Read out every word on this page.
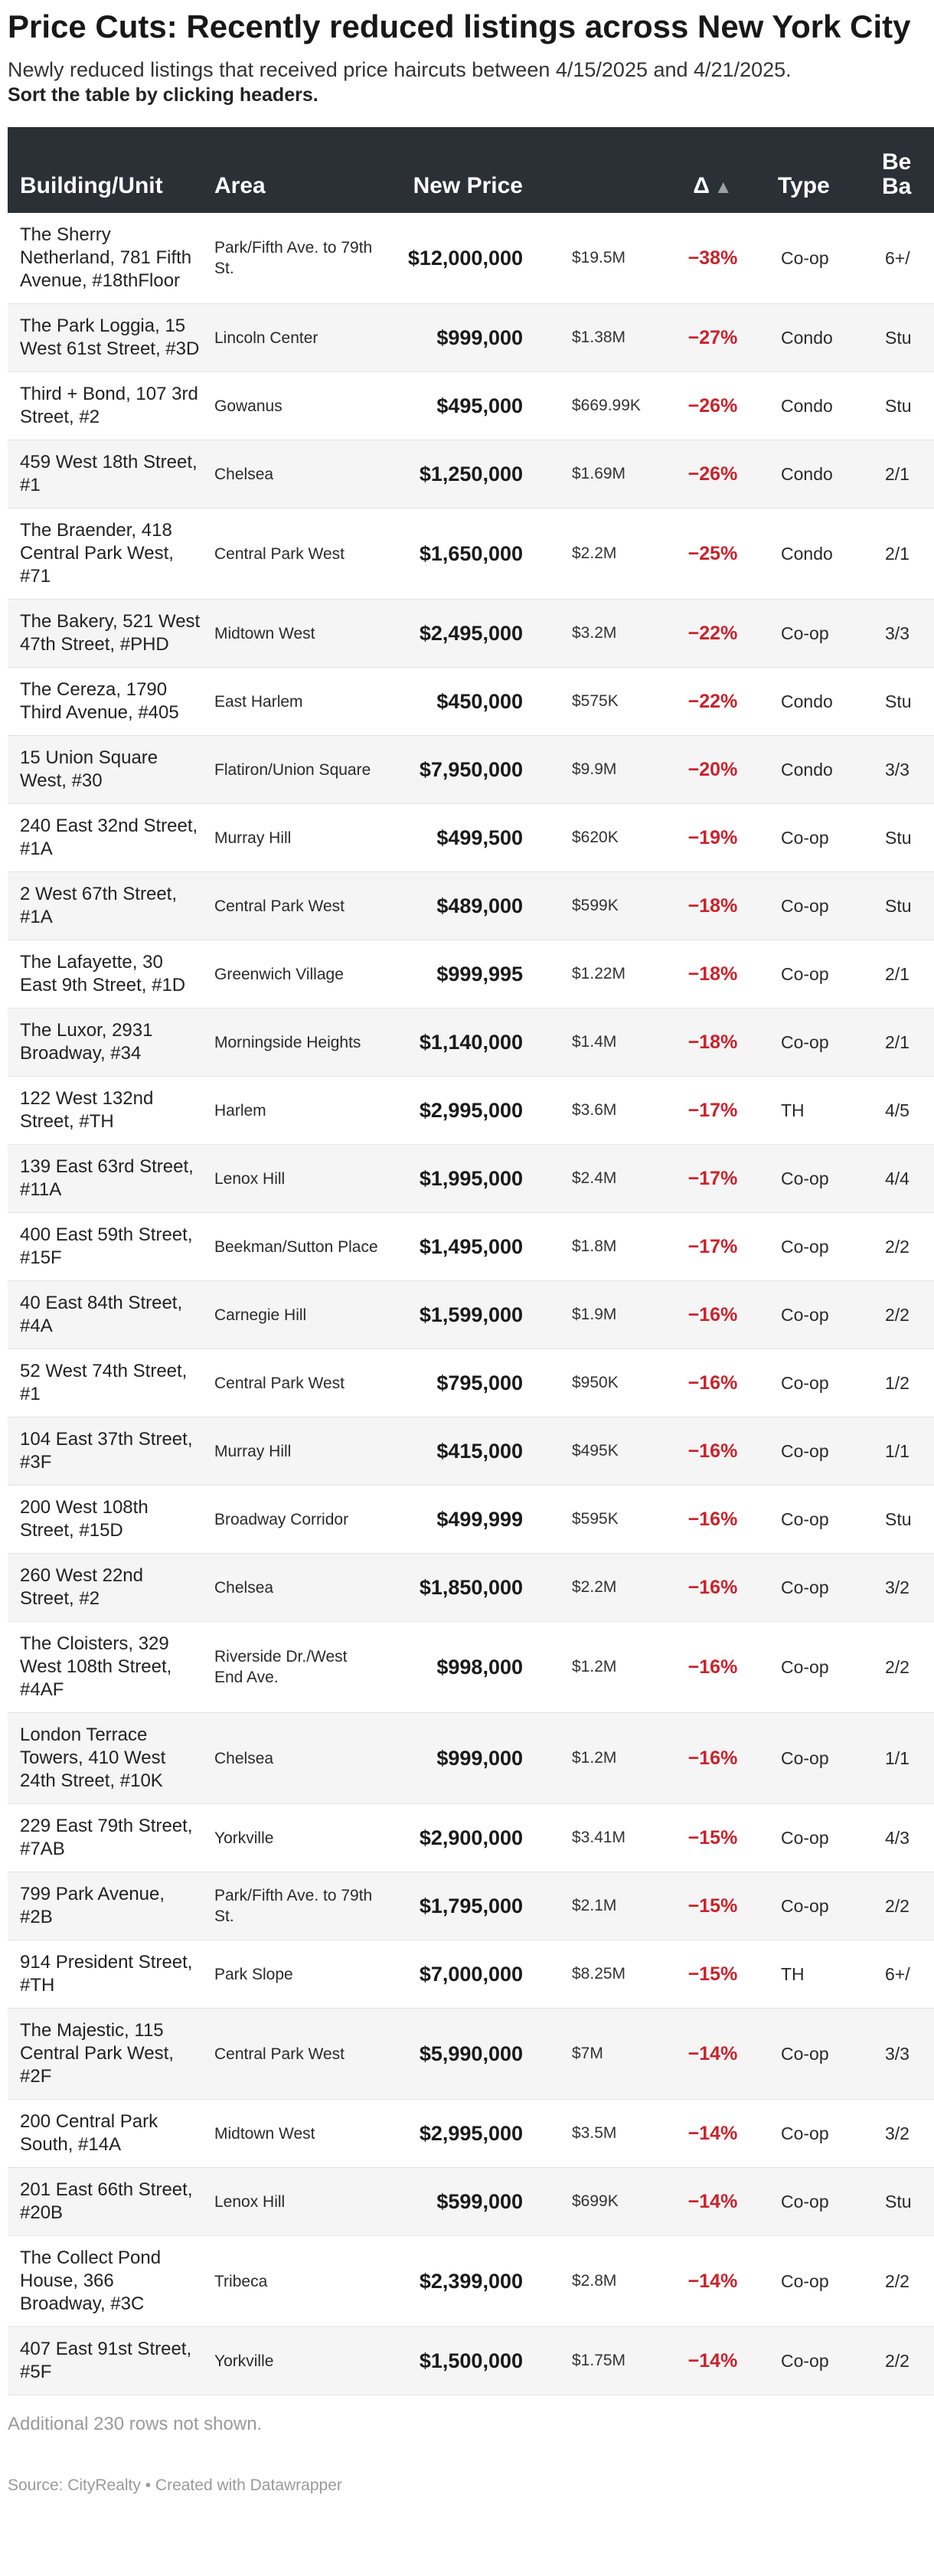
Price Cuts: Recently reduced listings across New York City

Newly reduced listings that received price haircuts between 4/15/2025 and 4/21/2025.

Sort the table by clicking headers.

Building/Unit	Area	New Price		Δ ▲	Type	Be
Ba

The Sherry Netherland, 781 Fifth Avenue, #18thFloor	Park/Fifth Ave. to 79th St.	$12,000,000	$19.5M	−38%	Co-op	6+/
The Park Loggia, 15 West 61st Street, #3D	Lincoln Center	$999,000	$1.38M	−27%	Condo	Stu
Third + Bond, 107 3rd Street, #2	Gowanus	$495,000	$669.99K	−26%	Condo	Stu
459 West 18th Street, #1	Chelsea	$1,250,000	$1.69M	−26%	Condo	2/1
The Braender, 418 Central Park West, #71	Central Park West	$1,650,000	$2.2M	−25%	Condo	2/1
The Bakery, 521 West 47th Street, #PHD	Midtown West	$2,495,000	$3.2M	−22%	Co-op	3/3
The Cereza, 1790 Third Avenue, #405	East Harlem	$450,000	$575K	−22%	Condo	Stu
15 Union Square West, #30	Flatiron/Union Square	$7,950,000	$9.9M	−20%	Condo	3/3
240 East 32nd Street, #1A	Murray Hill	$499,500	$620K	−19%	Co-op	Stu
2 West 67th Street, #1A	Central Park West	$489,000	$599K	−18%	Co-op	Stu
The Lafayette, 30 East 9th Street, #1D	Greenwich Village	$999,995	$1.22M	−18%	Co-op	2/1
The Luxor, 2931 Broadway, #34	Morningside Heights	$1,140,000	$1.4M	−18%	Co-op	2/1
122 West 132nd Street, #TH	Harlem	$2,995,000	$3.6M	−17%	TH	4/5
139 East 63rd Street, #11A	Lenox Hill	$1,995,000	$2.4M	−17%	Co-op	4/4
400 East 59th Street, #15F	Beekman/Sutton Place	$1,495,000	$1.8M	−17%	Co-op	2/2
40 East 84th Street, #4A	Carnegie Hill	$1,599,000	$1.9M	−16%	Co-op	2/2
52 West 74th Street, #1	Central Park West	$795,000	$950K	−16%	Co-op	1/2
104 East 37th Street, #3F	Murray Hill	$415,000	$495K	−16%	Co-op	1/1
200 West 108th Street, #15D	Broadway Corridor	$499,999	$595K	−16%	Co-op	Stu
260 West 22nd Street, #2	Chelsea	$1,850,000	$2.2M	−16%	Co-op	3/2
The Cloisters, 329 West 108th Street, #4AF	Riverside Dr./West End Ave.	$998,000	$1.2M	−16%	Co-op	2/2
London Terrace Towers, 410 West 24th Street, #10K	Chelsea	$999,000	$1.2M	−16%	Co-op	1/1
229 East 79th Street, #7AB	Yorkville	$2,900,000	$3.41M	−15%	Co-op	4/3
799 Park Avenue, #2B	Park/Fifth Ave. to 79th St.	$1,795,000	$2.1M	−15%	Co-op	2/2
914 President Street, #TH	Park Slope	$7,000,000	$8.25M	−15%	TH	6+/
The Majestic, 115 Central Park West, #2F	Central Park West	$5,990,000	$7M	−14%	Co-op	3/3
200 Central Park South, #14A	Midtown West	$2,995,000	$3.5M	−14%	Co-op	3/2
201 East 66th Street, #20B	Lenox Hill	$599,000	$699K	−14%	Co-op	Stu
The Collect Pond House, 366 Broadway, #3C	Tribeca	$2,399,000	$2.8M	−14%	Co-op	2/2
407 East 91st Street, #5F	Yorkville	$1,500,000	$1.75M	−14%	Co-op	2/2

Additional 230 rows not shown.

Source: CityRealty • Created with Datawrapper
